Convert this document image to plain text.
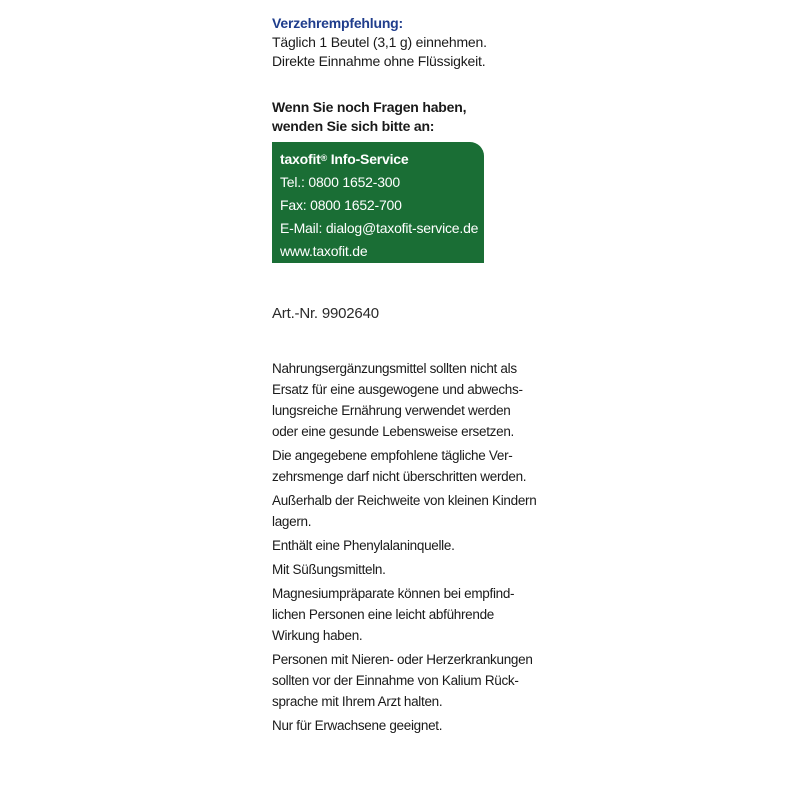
Verzehrempfehlung:
Täglich 1 Beutel (3,1 g) einnehmen.
Direkte Einnahme ohne Flüssigkeit.
Wenn Sie noch Fragen haben,
wenden Sie sich bitte an:
taxofit® Info-Service
Tel.: 0800 1652-300
Fax: 0800 1652-700
E-Mail: dialog@taxofit-service.de
www.taxofit.de
Art.-Nr. 9902640

Nahrungsergänzungsmittel sollten nicht als
Ersatz für eine ausgewogene und abwechs-
lungsreiche Ernährung verwendet werden
oder eine gesunde Lebensweise ersetzen.

Die angegebene empfohlene tägliche Ver-
zehrsmenge darf nicht überschritten werden.

Außerhalb der Reichweite von kleinen Kindern
lagern.

Enthält eine Phenylalaninquelle.

Mit Süßungsmitteln.

Magnesiumpräparate können bei empfind-
lichen Personen eine leicht abführende
Wirkung haben.

Personen mit Nieren- oder Herzerkrankungen
sollten vor der Einnahme von Kalium Rück-
sprache mit Ihrem Arzt halten.

Nur für Erwachsene geeignet.
